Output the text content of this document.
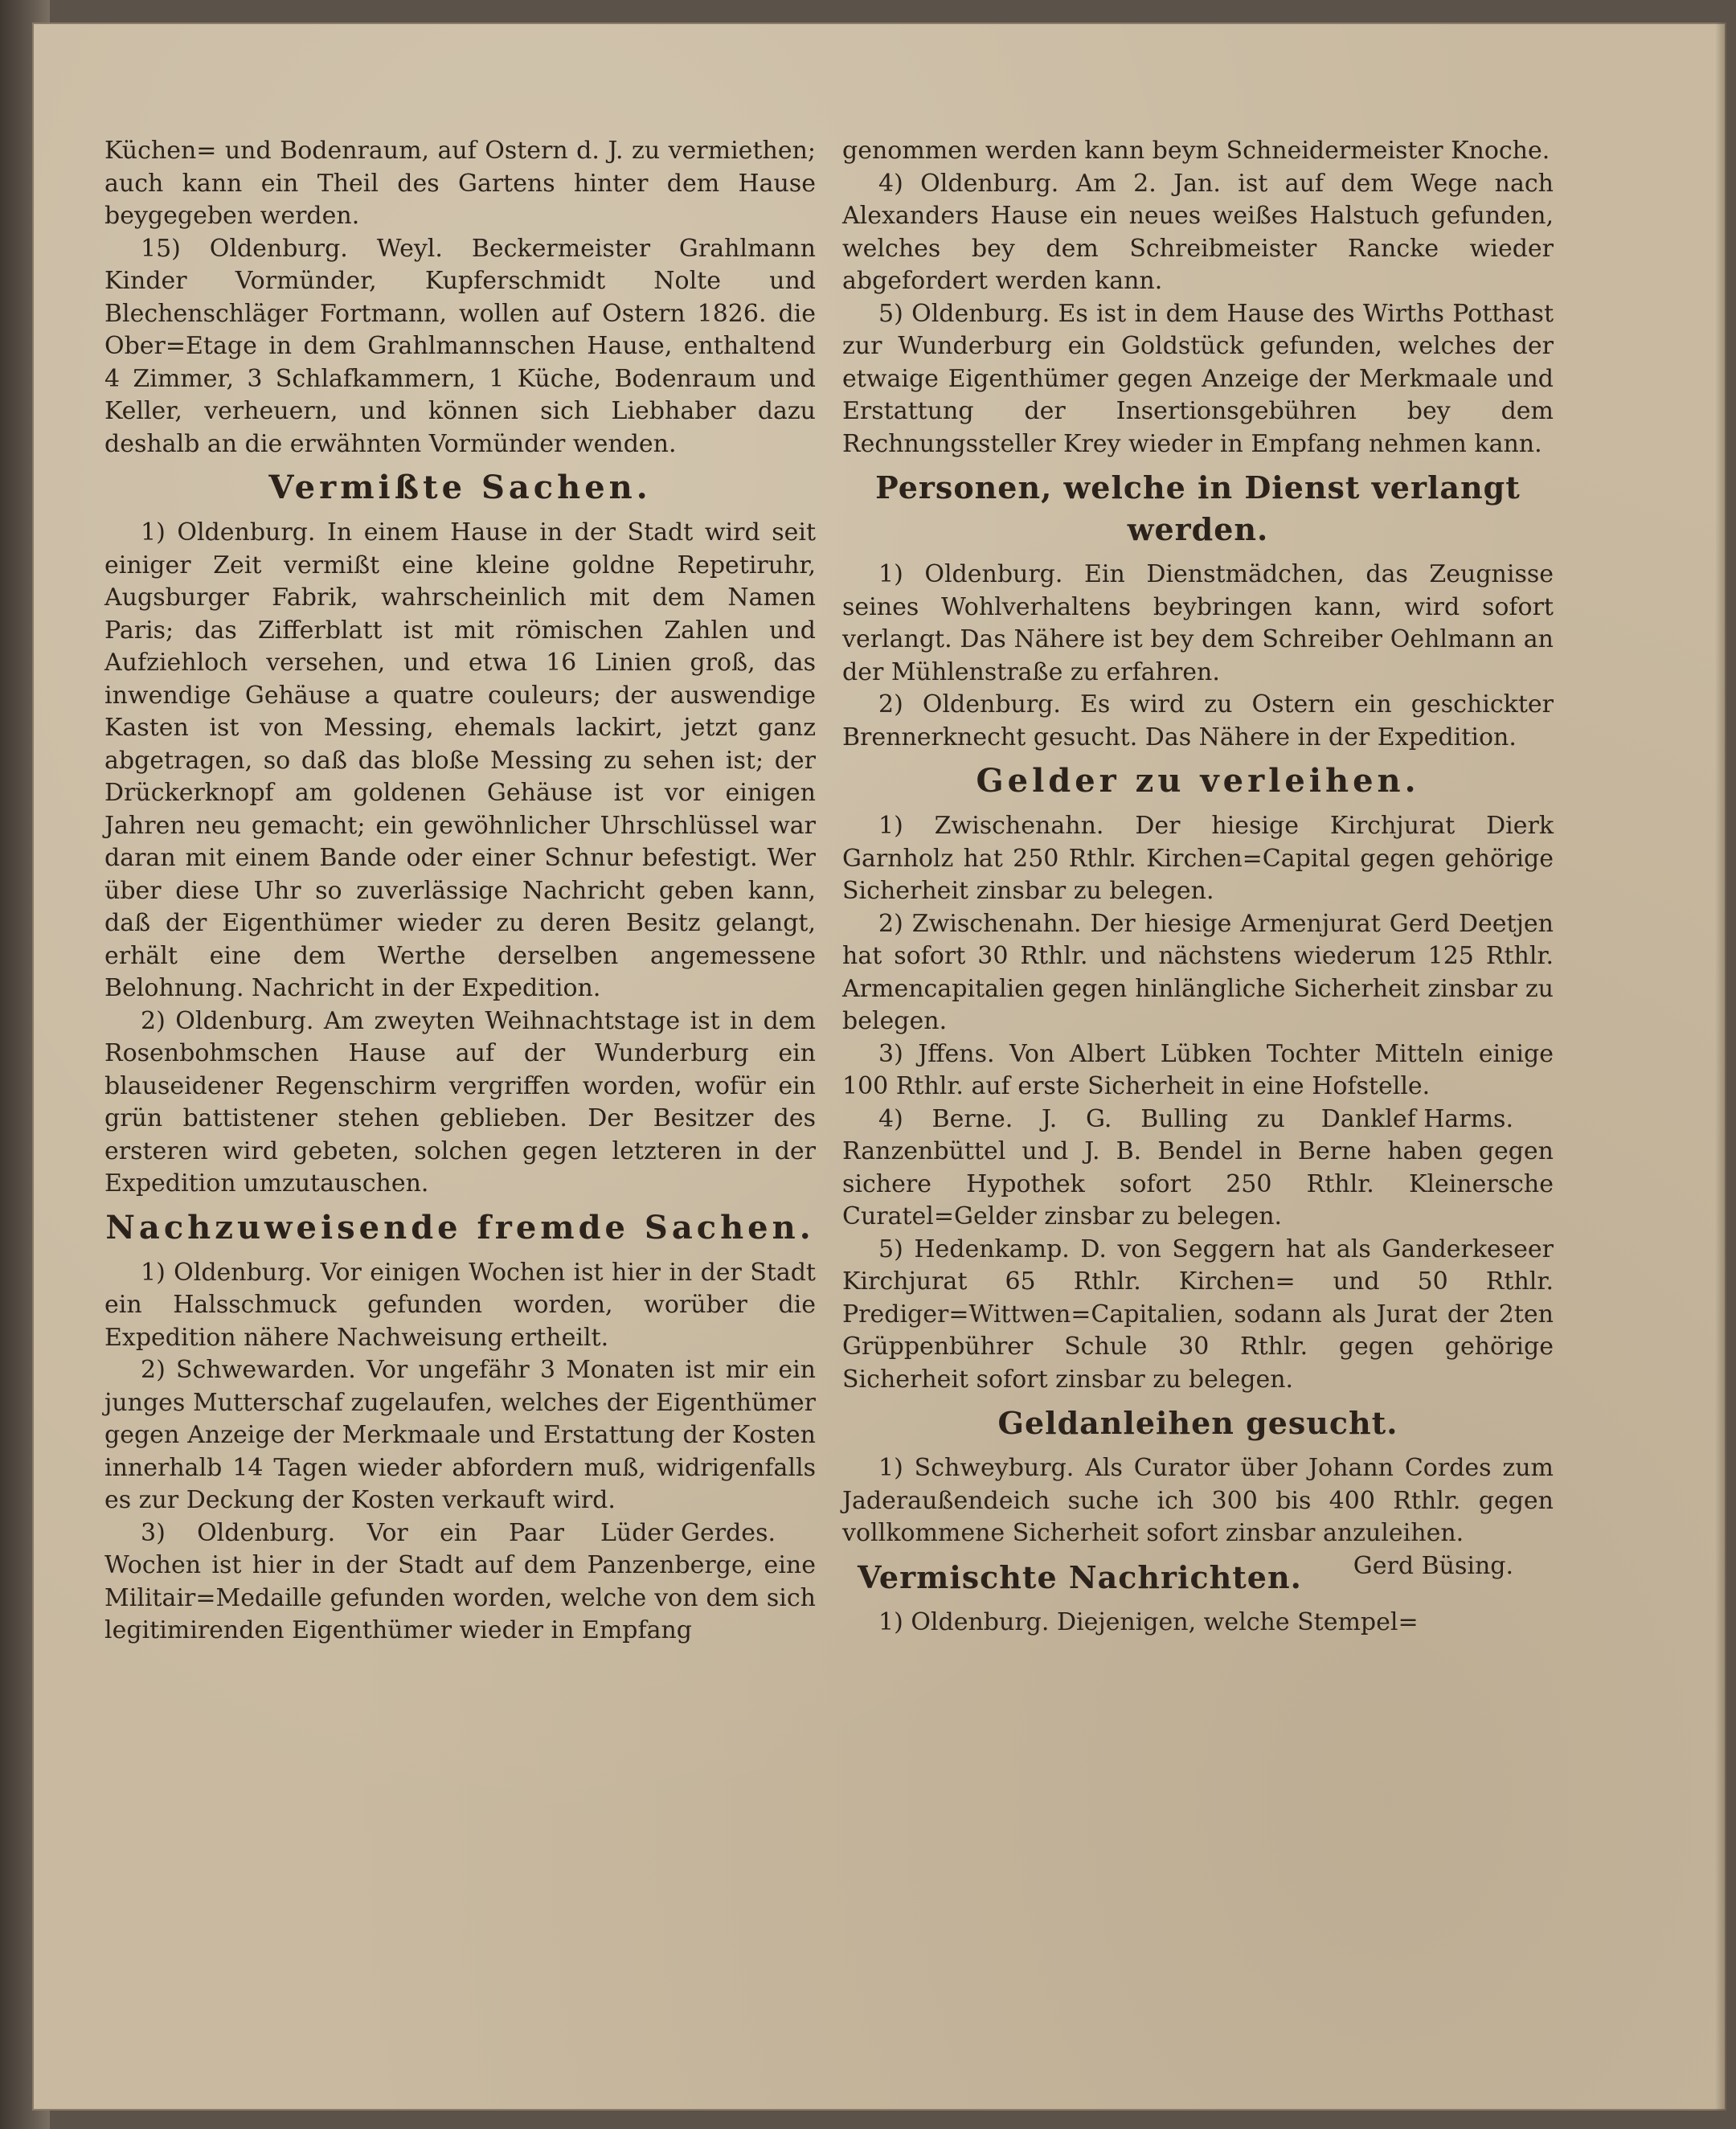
Küchen= und Bodenraum, auf Ostern d. J. zu vermiethen; auch kann ein Theil des Gartens hinter dem Hause beygegeben werden.

15) Oldenburg. Weyl. Beckermeister Grahlmann Kinder Vormünder, Kupferschmidt Nolte und Blechenschläger Fortmann, wollen auf Ostern 1826. die Ober=Etage in dem Grahlmannschen Hause, enthaltend 4 Zimmer, 3 Schlafkammern, 1 Küche, Bodenraum und Keller, verheuern, und können sich Liebhaber dazu deshalb an die erwähnten Vormünder wenden.

Vermißte Sachen.

1) Oldenburg. In einem Hause in der Stadt wird seit einiger Zeit vermißt eine kleine goldne Repetiruhr, Augsburger Fabrik, wahrscheinlich mit dem Namen Paris; das Zifferblatt ist mit römischen Zahlen und Aufziehloch versehen, und etwa 16 Linien groß, das inwendige Gehäuse a quatre couleurs; der auswendige Kasten ist von Messing, ehemals lackirt, jetzt ganz abgetragen, so daß das bloße Messing zu sehen ist; der Drückerknopf am goldenen Gehäuse ist vor einigen Jahren neu gemacht; ein gewöhnlicher Uhrschlüssel war daran mit einem Bande oder einer Schnur befestigt. Wer über diese Uhr so zuverlässige Nachricht geben kann, daß der Eigenthümer wieder zu deren Besitz gelangt, erhält eine dem Werthe derselben angemessene Belohnung. Nachricht in der Expedition.

2) Oldenburg. Am zweyten Weihnachtstage ist in dem Rosenbohmschen Hause auf der Wunderburg ein blauseidener Regenschirm vergriffen worden, wofür ein grün battistener stehen geblieben. Der Besitzer des ersteren wird gebeten, solchen gegen letzteren in der Expedition umzutauschen.

Nachzuweisende fremde Sachen.

1) Oldenburg. Vor einigen Wochen ist hier in der Stadt ein Halsschmuck gefunden worden, worüber die Expedition nähere Nachweisung ertheilt.

2) Schwewarden. Vor ungefähr 3 Monaten ist mir ein junges Mutterschaf zugelaufen, welches der Eigenthümer gegen Anzeige der Merkmaale und Erstattung der Kosten innerhalb 14 Tagen wieder abfordern muß, widrigenfalls es zur Deckung der Kosten verkauft wird.
Lüder Gerdes.

3) Oldenburg. Vor ein Paar Wochen ist hier in der Stadt auf dem Panzenberge, eine Militair=Medaille gefunden worden, welche von dem sich legitimirenden Eigenthümer wieder in Empfang

genommen werden kann beym Schneidermeister Knoche.

4) Oldenburg. Am 2. Jan. ist auf dem Wege nach Alexanders Hause ein neues weißes Halstuch gefunden, welches bey dem Schreibmeister Rancke wieder abgefordert werden kann.

5) Oldenburg. Es ist in dem Hause des Wirths Potthast zur Wunderburg ein Goldstück gefunden, welches der etwaige Eigenthümer gegen Anzeige der Merkmaale und Erstattung der Insertionsgebühren bey dem Rechnungssteller Krey wieder in Empfang nehmen kann.

Personen, welche in Dienst verlangt werden.

1) Oldenburg. Ein Dienstmädchen, das Zeugnisse seines Wohlverhaltens beybringen kann, wird sofort verlangt. Das Nähere ist bey dem Schreiber Oehlmann an der Mühlenstraße zu erfahren.

2) Oldenburg. Es wird zu Ostern ein geschickter Brennerknecht gesucht. Das Nähere in der Expedition.

Gelder zu verleihen.

1) Zwischenahn. Der hiesige Kirchjurat Dierk Garnholz hat 250 Rthlr. Kirchen=Capital gegen gehörige Sicherheit zinsbar zu belegen.

2) Zwischenahn. Der hiesige Armenjurat Gerd Deetjen hat sofort 30 Rthlr. und nächstens wiederum 125 Rthlr. Armencapitalien gegen hinlängliche Sicherheit zinsbar zu belegen.

3) Jffens. Von Albert Lübken Tochter Mitteln einige 100 Rthlr. auf erste Sicherheit in eine Hofstelle.
Danklef Harms.

4) Berne. J. G. Bulling zu Ranzenbüttel und J. B. Bendel in Berne haben gegen sichere Hypothek sofort 250 Rthlr. Kleinersche Curatel=Gelder zinsbar zu belegen.

5) Hedenkamp. D. von Seggern hat als Ganderkeseer Kirchjurat 65 Rthlr. Kirchen= und 50 Rthlr. Prediger=Wittwen=Capitalien, sodann als Jurat der 2ten Grüppenbührer Schule 30 Rthlr. gegen gehörige Sicherheit sofort zinsbar zu belegen.

Geldanleihen gesucht.

1) Schweyburg. Als Curator über Johann Cordes zum Jaderaußendeich suche ich 300 bis 400 Rthlr. gegen vollkommene Sicherheit sofort zinsbar anzuleihen.
Gerd Büsing.

Vermischte Nachrichten.

1) Oldenburg. Diejenigen, welche Stempel=
